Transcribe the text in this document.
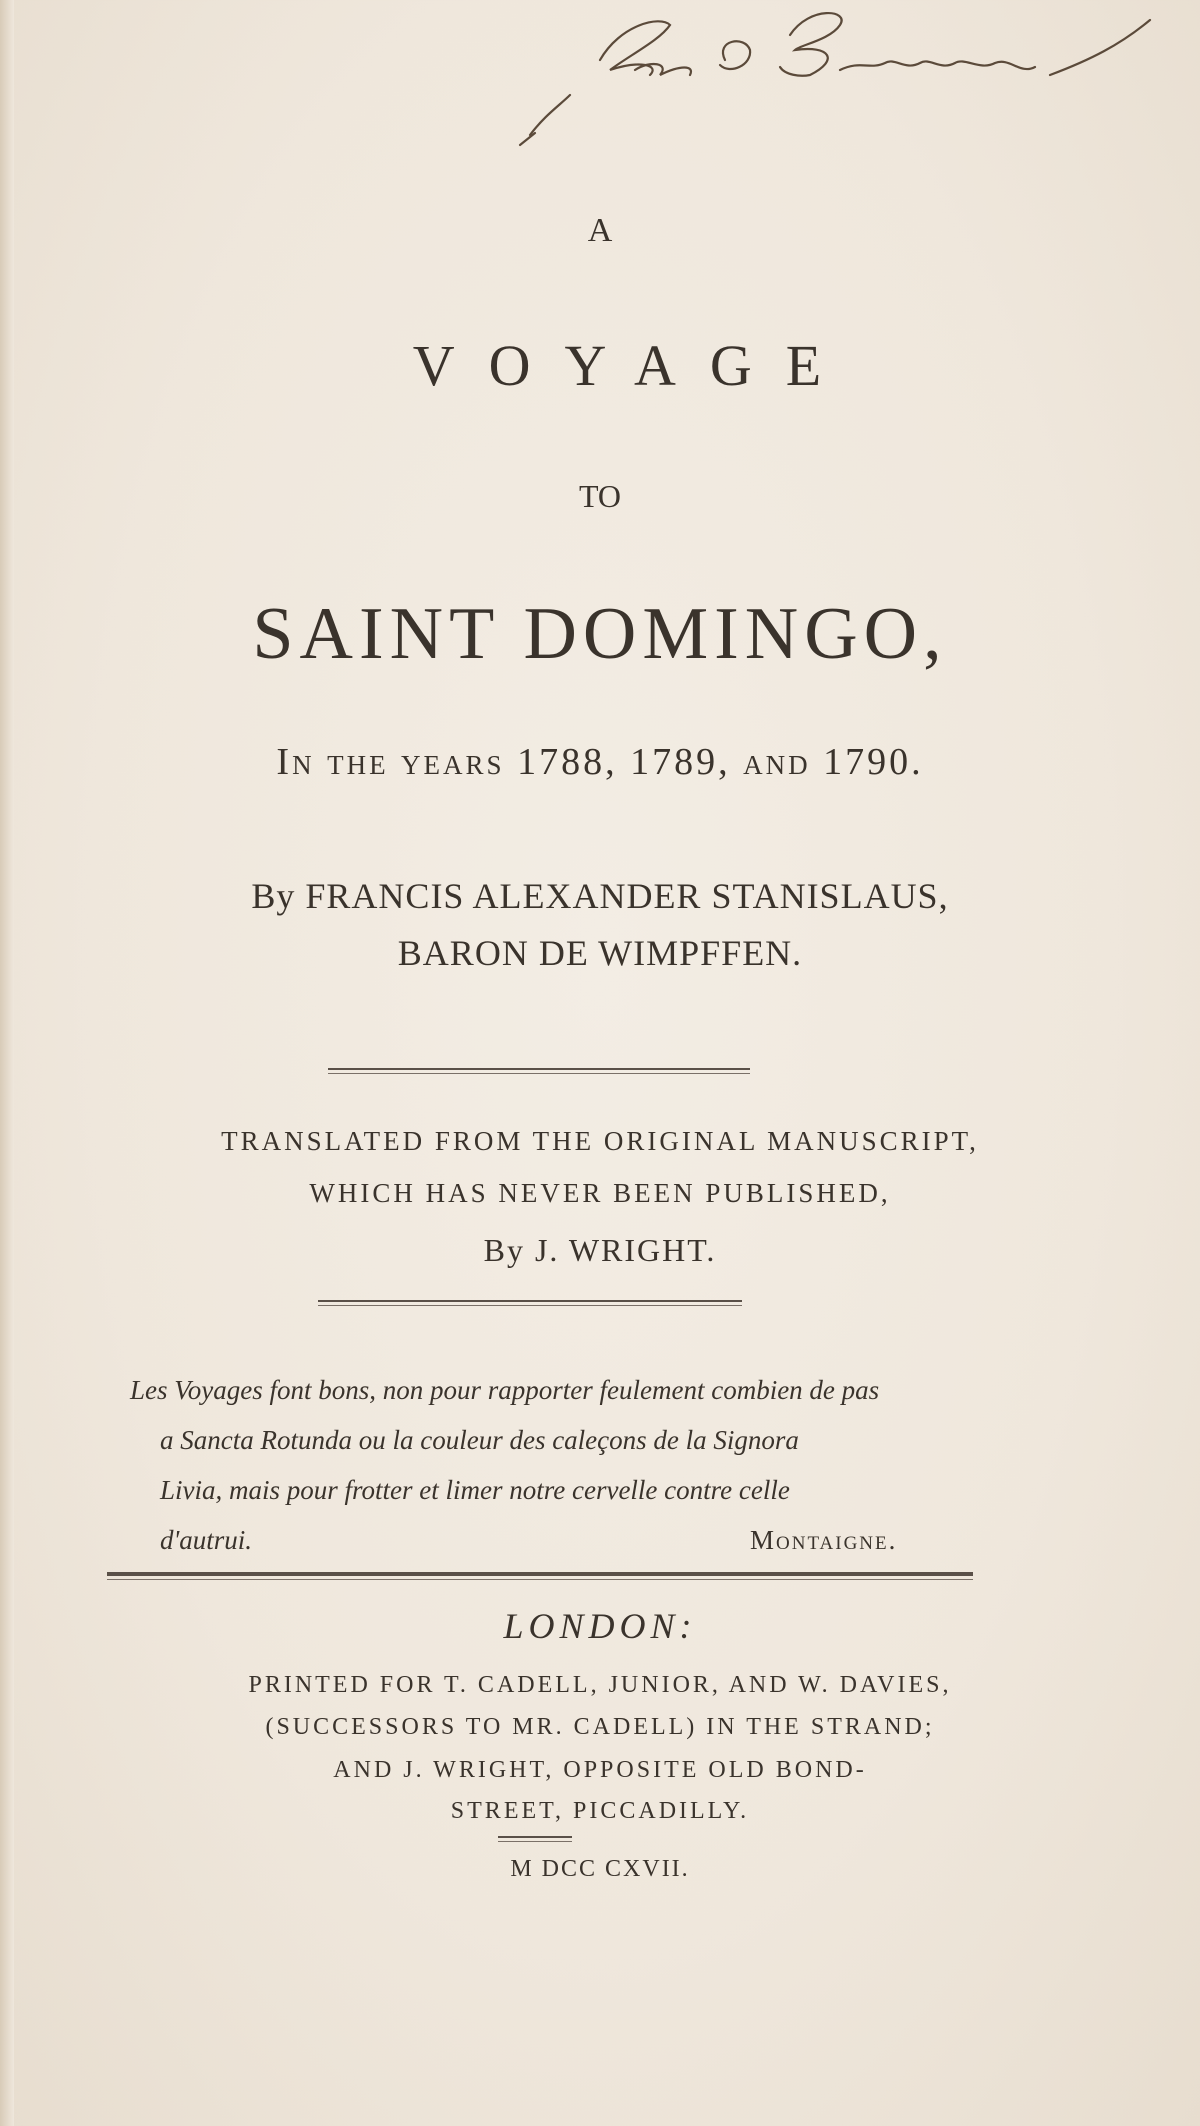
A
VOYAGE
TO
SAINT DOMINGO,
In the years 1788, 1789, and 1790.
By FRANCIS ALEXANDER STANISLAUS,
BARON DE WIMPFFEN.
TRANSLATED FROM THE ORIGINAL MANUSCRIPT,
WHICH HAS NEVER BEEN PUBLISHED,
By J. WRIGHT.
Les Voyages font bons, non pour rapporter feulement combien de pas
a Sancta Rotunda ou la couleur des caleçons de la Signora
Livia, mais pour frotter et limer notre cervelle contre celle
d'autrui.	Montaigne.
LONDON:
PRINTED FOR T. CADELL, JUNIOR, AND W. DAVIES,
(SUCCESSORS TO MR. CADELL) IN THE STRAND;
AND J. WRIGHT, OPPOSITE OLD BOND-
STREET, PICCADILLY.
M DCC CXVII.
